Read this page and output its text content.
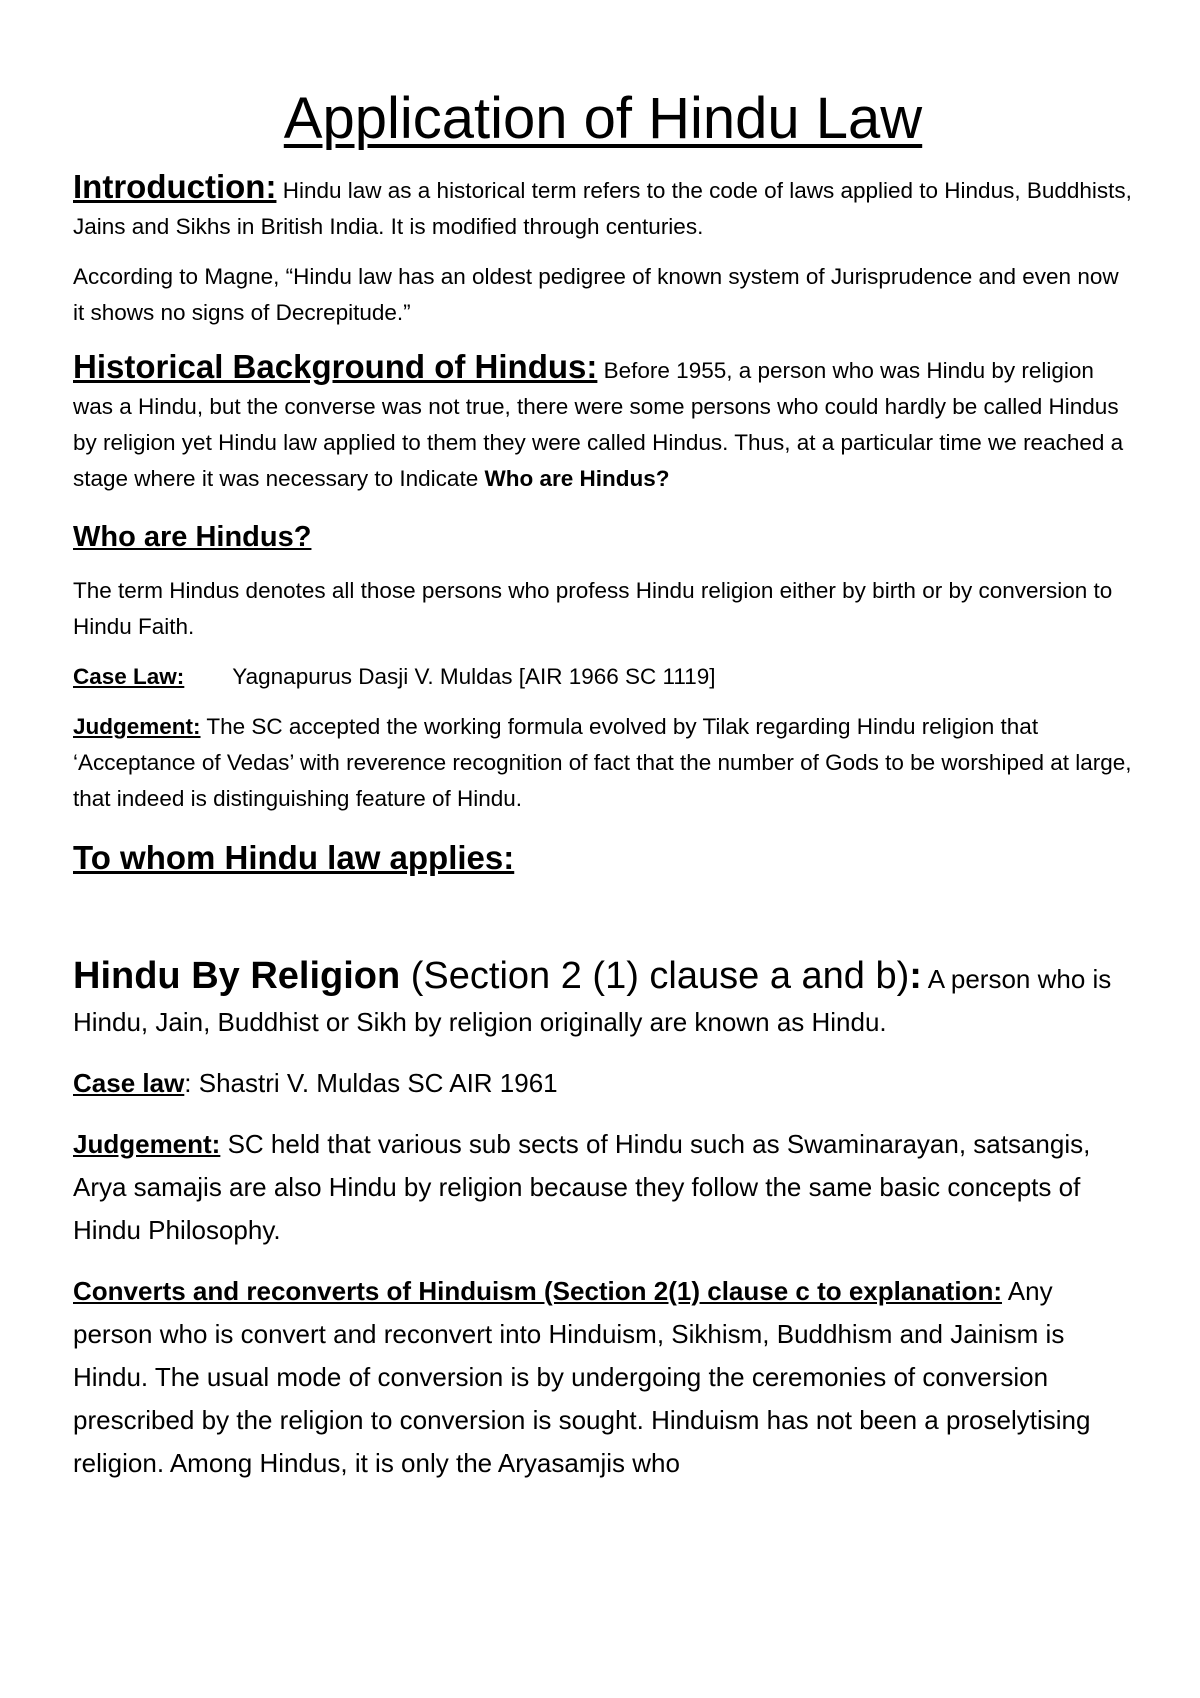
Application of Hindu Law

Introduction: Hindu law as a historical term refers to the code of laws applied to Hindus, Buddhists, Jains and Sikhs in British India. It is modified through centuries.

According to Magne, “Hindu law has an oldest pedigree of known system of Jurisprudence and even now it shows no signs of Decrepitude.”

Historical Background of Hindus: Before 1955, a person who was Hindu by religion was a Hindu, but the converse was not true, there were some persons who could hardly be called Hindus by religion yet Hindu law applied to them they were called Hindus. Thus, at a particular time we reached a stage where it was necessary to Indicate Who are Hindus?

Who are Hindus?

The term Hindus denotes all those persons who profess Hindu religion either by birth or by conversion to Hindu Faith.

Case Law: Yagnapurus Dasji V. Muldas [AIR 1966 SC 1119]

Judgement: The SC accepted the working formula evolved by Tilak regarding Hindu religion that ‘Acceptance of Vedas’ with reverence recognition of fact that the number of Gods to be worshiped at large, that indeed is distinguishing feature of Hindu.

To whom Hindu law applies:

Hindu By Religion (Section 2 (1) clause a and b): A person who is Hindu, Jain, Buddhist or Sikh by religion originally are known as Hindu.

Case law: Shastri V. Muldas SC AIR 1961

Judgement: SC held that various sub sects of Hindu such as Swaminarayan, satsangis, Arya samajis are also Hindu by religion because they follow the same basic concepts of Hindu Philosophy.

Converts and reconverts of Hinduism (Section 2(1) clause c to explanation: Any person who is convert and reconvert into Hinduism, Sikhism, Buddhism and Jainism is Hindu. The usual mode of conversion is by undergoing the ceremonies of conversion prescribed by the religion to conversion is sought. Hinduism has not been a proselytising religion. Among Hindus, it is only the Aryasamjis who
